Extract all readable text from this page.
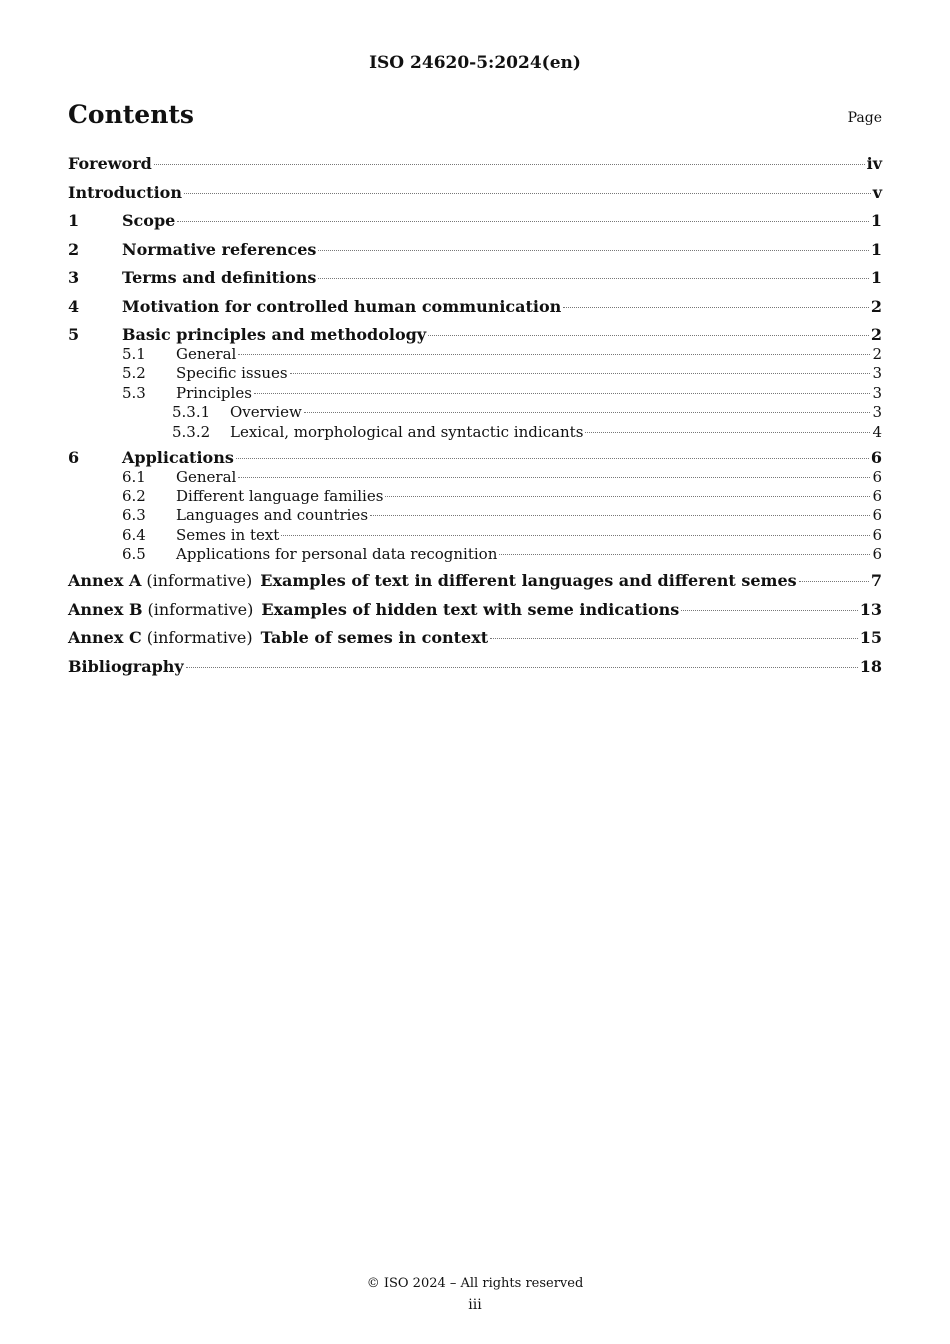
ISO 24620-5:2024(en)
Contents	Page
Foreword	iv
Introduction	v
1	Scope	1
2	Normative references	1
3	Terms and definitions	1
4	Motivation for controlled human communication	2
5	Basic principles and methodology	2
5.1	General	2
5.2	Specific issues	3
5.3	Principles	3
5.3.1	Overview	3
5.3.2	Lexical, morphological and syntactic indicants	4
6	Applications	6
6.1	General	6
6.2	Different language families	6
6.3	Languages and countries	6
6.4	Semes in text	6
6.5	Applications for personal data recognition	6
Annex A (informative) Examples of text in different languages and different semes	7
Annex B (informative) Examples of hidden text with seme indications	13
Annex C (informative) Table of semes in context	15
Bibliography	18
© ISO 2024 – All rights reserved
iii
